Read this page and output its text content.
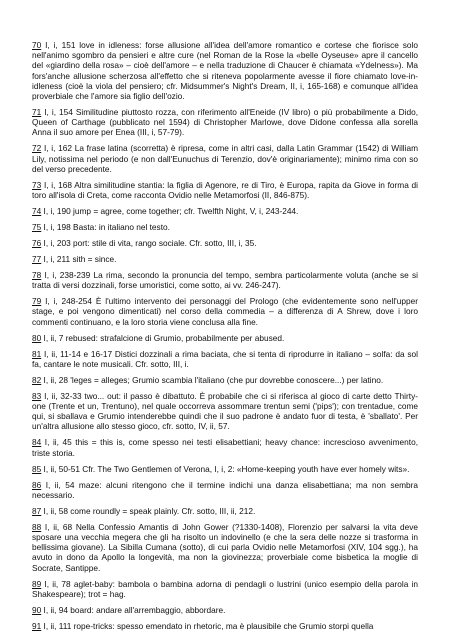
70 I, i, 151 love in idleness: forse allusione all'idea dell'amore romantico e cortese che fiorisce solo nell'animo sgombro da pensieri e altre cure (nel Roman de la Rose la «belle Oyseuse» apre il cancello del «giardino della rosa» – cioè dell'amore – e nella traduzione di Chaucer è chiamata «Ydelness»). Ma fors'anche allusione scherzosa all'effetto che si riteneva popolarmente avesse il fiore chiamato love-in-idleness (cioè la viola del pensiero; cfr. Midsummer's Night's Dream, II, i, 165-168) e comunque all'idea proverbiale che l'amore sia figlio dell'ozio.

71 I, i, 154 Similitudine piuttosto rozza, con riferimento all'Eneide (IV libro) o più probabilmente a Dido, Queen of Carthage (pubblicato nel 1594) di Christopher Marlowe, dove Didone confessa alla sorella Anna il suo amore per Enea (III, i, 57-79).

72 I, i, 162 La frase latina (scorretta) è ripresa, come in altri casi, dalla Latin Grammar (1542) di William Lily, notissima nel periodo (e non dall'Eunuchus di Terenzio, dov'è originariamente); minimo rima con so del verso precedente.

73 I, i, 168 Altra similitudine stantia: la figlia di Agenore, re di Tiro, è Europa, rapita da Giove in forma di toro all'isola di Creta, come racconta Ovidio nelle Metamorfosi (II, 846-875).

74 I, i, 190 jump = agree, come together; cfr. Twelfth Night, V, i, 243-244.

75 I, i, 198 Basta: in italiano nel testo.

76 I, i, 203 port: stile di vita, rango sociale. Cfr. sotto, III, i, 35.

77 I, i, 211 sith = since.

78 I, i, 238-239 La rima, secondo la pronuncia del tempo, sembra particolarmente voluta (anche se si tratta di versi dozzinali, forse umoristici, come sotto, ai vv. 246-247).

79 I, i, 248-254 È l'ultimo intervento dei personaggi del Prologo (che evidentemente sono nell'upper stage, e poi vengono dimenticati) nel corso della commedia – a differenza di A Shrew, dove i loro commenti continuano, e la loro storia viene conclusa alla fine.

80 I, ii, 7 rebused: strafalcione di Grumio, probabilmente per abused.

81 I, ii, 11-14 e 16-17 Distici dozzinali a rima baciata, che si tenta di riprodurre in italiano – solfa: da sol fa, cantare le note musicali. Cfr. sotto, III, i.

82 I, ii, 28 'leges = alleges; Grumio scambia l'italiano (che pur dovrebbe conoscere...) per latino.

83 I, ii, 32-33 two... out: il passo è dibattuto. È probabile che ci si riferisca al gioco di carte detto Thirty-one (Trente et un, Trentuno), nel quale occorreva assommare trentun semi ('pips'); con trentadue, come qui, si sballava e Grumio intenderebbe quindi che il suo padrone è andato fuor di testa, è 'sballato'. Per un'altra allusione allo stesso gioco, cfr. sotto, IV, ii, 57.

84 I, ii, 45 this = this is, come spesso nei testi elisabettiani; heavy chance: increscioso avvenimento, triste storia.

85 I, ii, 50-51 Cfr. The Two Gentlemen of Verona, I, i, 2: «Home-keeping youth have ever homely wits».

86 I, ii, 54 maze: alcuni ritengono che il termine indichi una danza elisabettiana; ma non sembra necessario.

87 I, ii, 58 come roundly = speak plainly. Cfr. sotto, III, ii, 212.

88 I, ii, 68 Nella Confessio Amantis di John Gower (?1330-1408), Florenzio per salvarsi la vita deve sposare una vecchia megera che gli ha risolto un indovinello (e che la sera delle nozze si trasforma in bellissima giovane). La Sibilla Cumana (sotto), di cui parla Ovidio nelle Metamorfosi (XIV, 104 sgg.), ha avuto in dono da Apollo la longevità, ma non la giovinezza; proverbiale come bisbetica la moglie di Socrate, Santippe.

89 I, ii, 78 aglet-baby: bambola o bambina adorna di pendagli o lustrini (unico esempio della parola in Shakespeare); trot = hag.

90 I, ii, 94 board: andare all'arrembaggio, abbordare.

91 I, ii, 111 rope-tricks: spesso emendato in rhetoric, ma è plausibile che Grumio storpi quella
